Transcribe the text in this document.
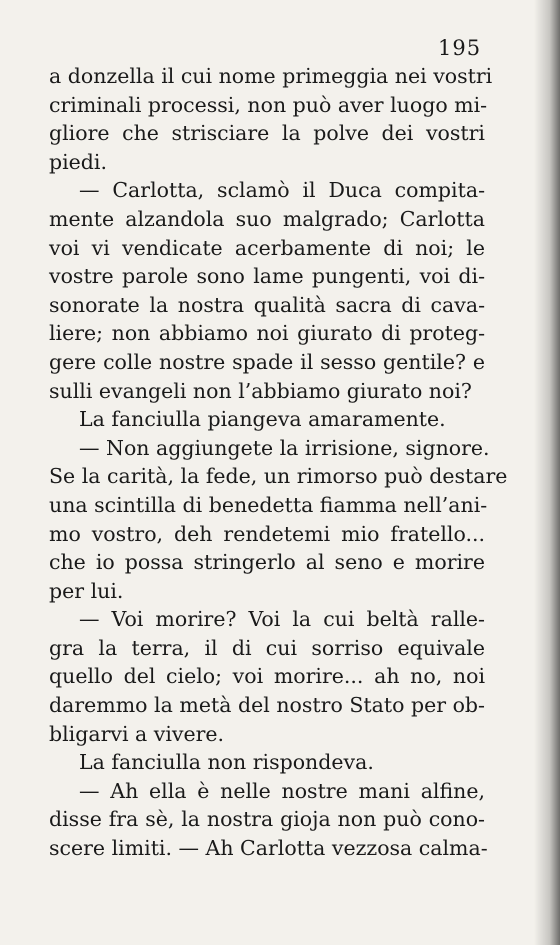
195
a donzella il cui nome primeggia nei vostri
criminali processi, non può aver luogo mi-
gliore che strisciare la polve dei vostri
piedi.
— Carlotta, sclamò il Duca compita-
mente alzandola suo malgrado; Carlotta
voi vi vendicate acerbamente di noi; le
vostre parole sono lame pungenti, voi di-
sonorate la nostra qualità sacra di cava-
liere; non abbiamo noi giurato di proteg-
gere colle nostre spade il sesso gentile? e
sulli evangeli non l’abbiamo giurato noi?
La fanciulla piangeva amaramente.
— Non aggiungete la irrisione, signore.
Se la carità, la fede, un rimorso può destare
una scintilla di benedetta fiamma nell’ani-
mo vostro, deh rendetemi mio fratello...
che io possa stringerlo al seno e morire
per lui.
— Voi morire? Voi la cui beltà ralle-
gra la terra, il di cui sorriso equivale
quello del cielo; voi morire... ah no, noi
daremmo la metà del nostro Stato per ob-
bligarvi a vivere.
La fanciulla non rispondeva.
— Ah ella è nelle nostre mani alfine,
disse fra sè, la nostra gioja non può cono-
scere limiti. — Ah Carlotta vezzosa calma-
